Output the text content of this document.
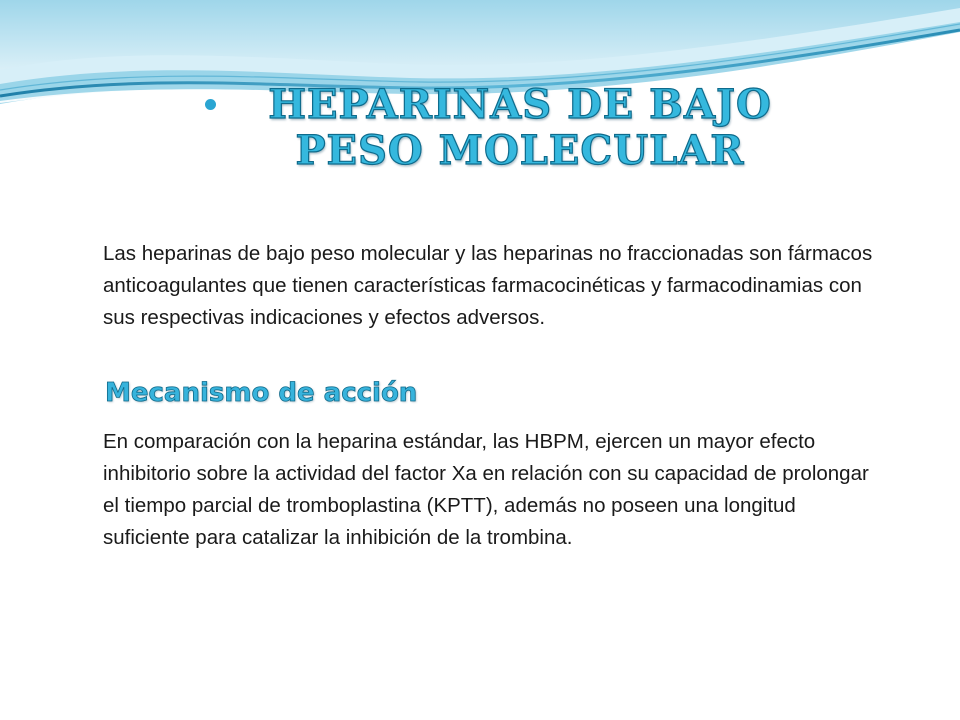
HEPARINAS DE BAJO PESO MOLECULAR

Las heparinas de bajo peso molecular y las heparinas no fraccionadas son fármacos anticoagulantes que tienen características farmacocinéticas y farmacodinamias con sus respectivas indicaciones y efectos adversos.

Mecanismo de acción

En comparación con la heparina estándar, las HBPM, ejercen un mayor efecto inhibitorio sobre la actividad del factor Xa en relación con su capacidad de prolongar el tiempo parcial de tromboplastina (KPTT), además no poseen una longitud suficiente para catalizar la inhibición de la trombina.
